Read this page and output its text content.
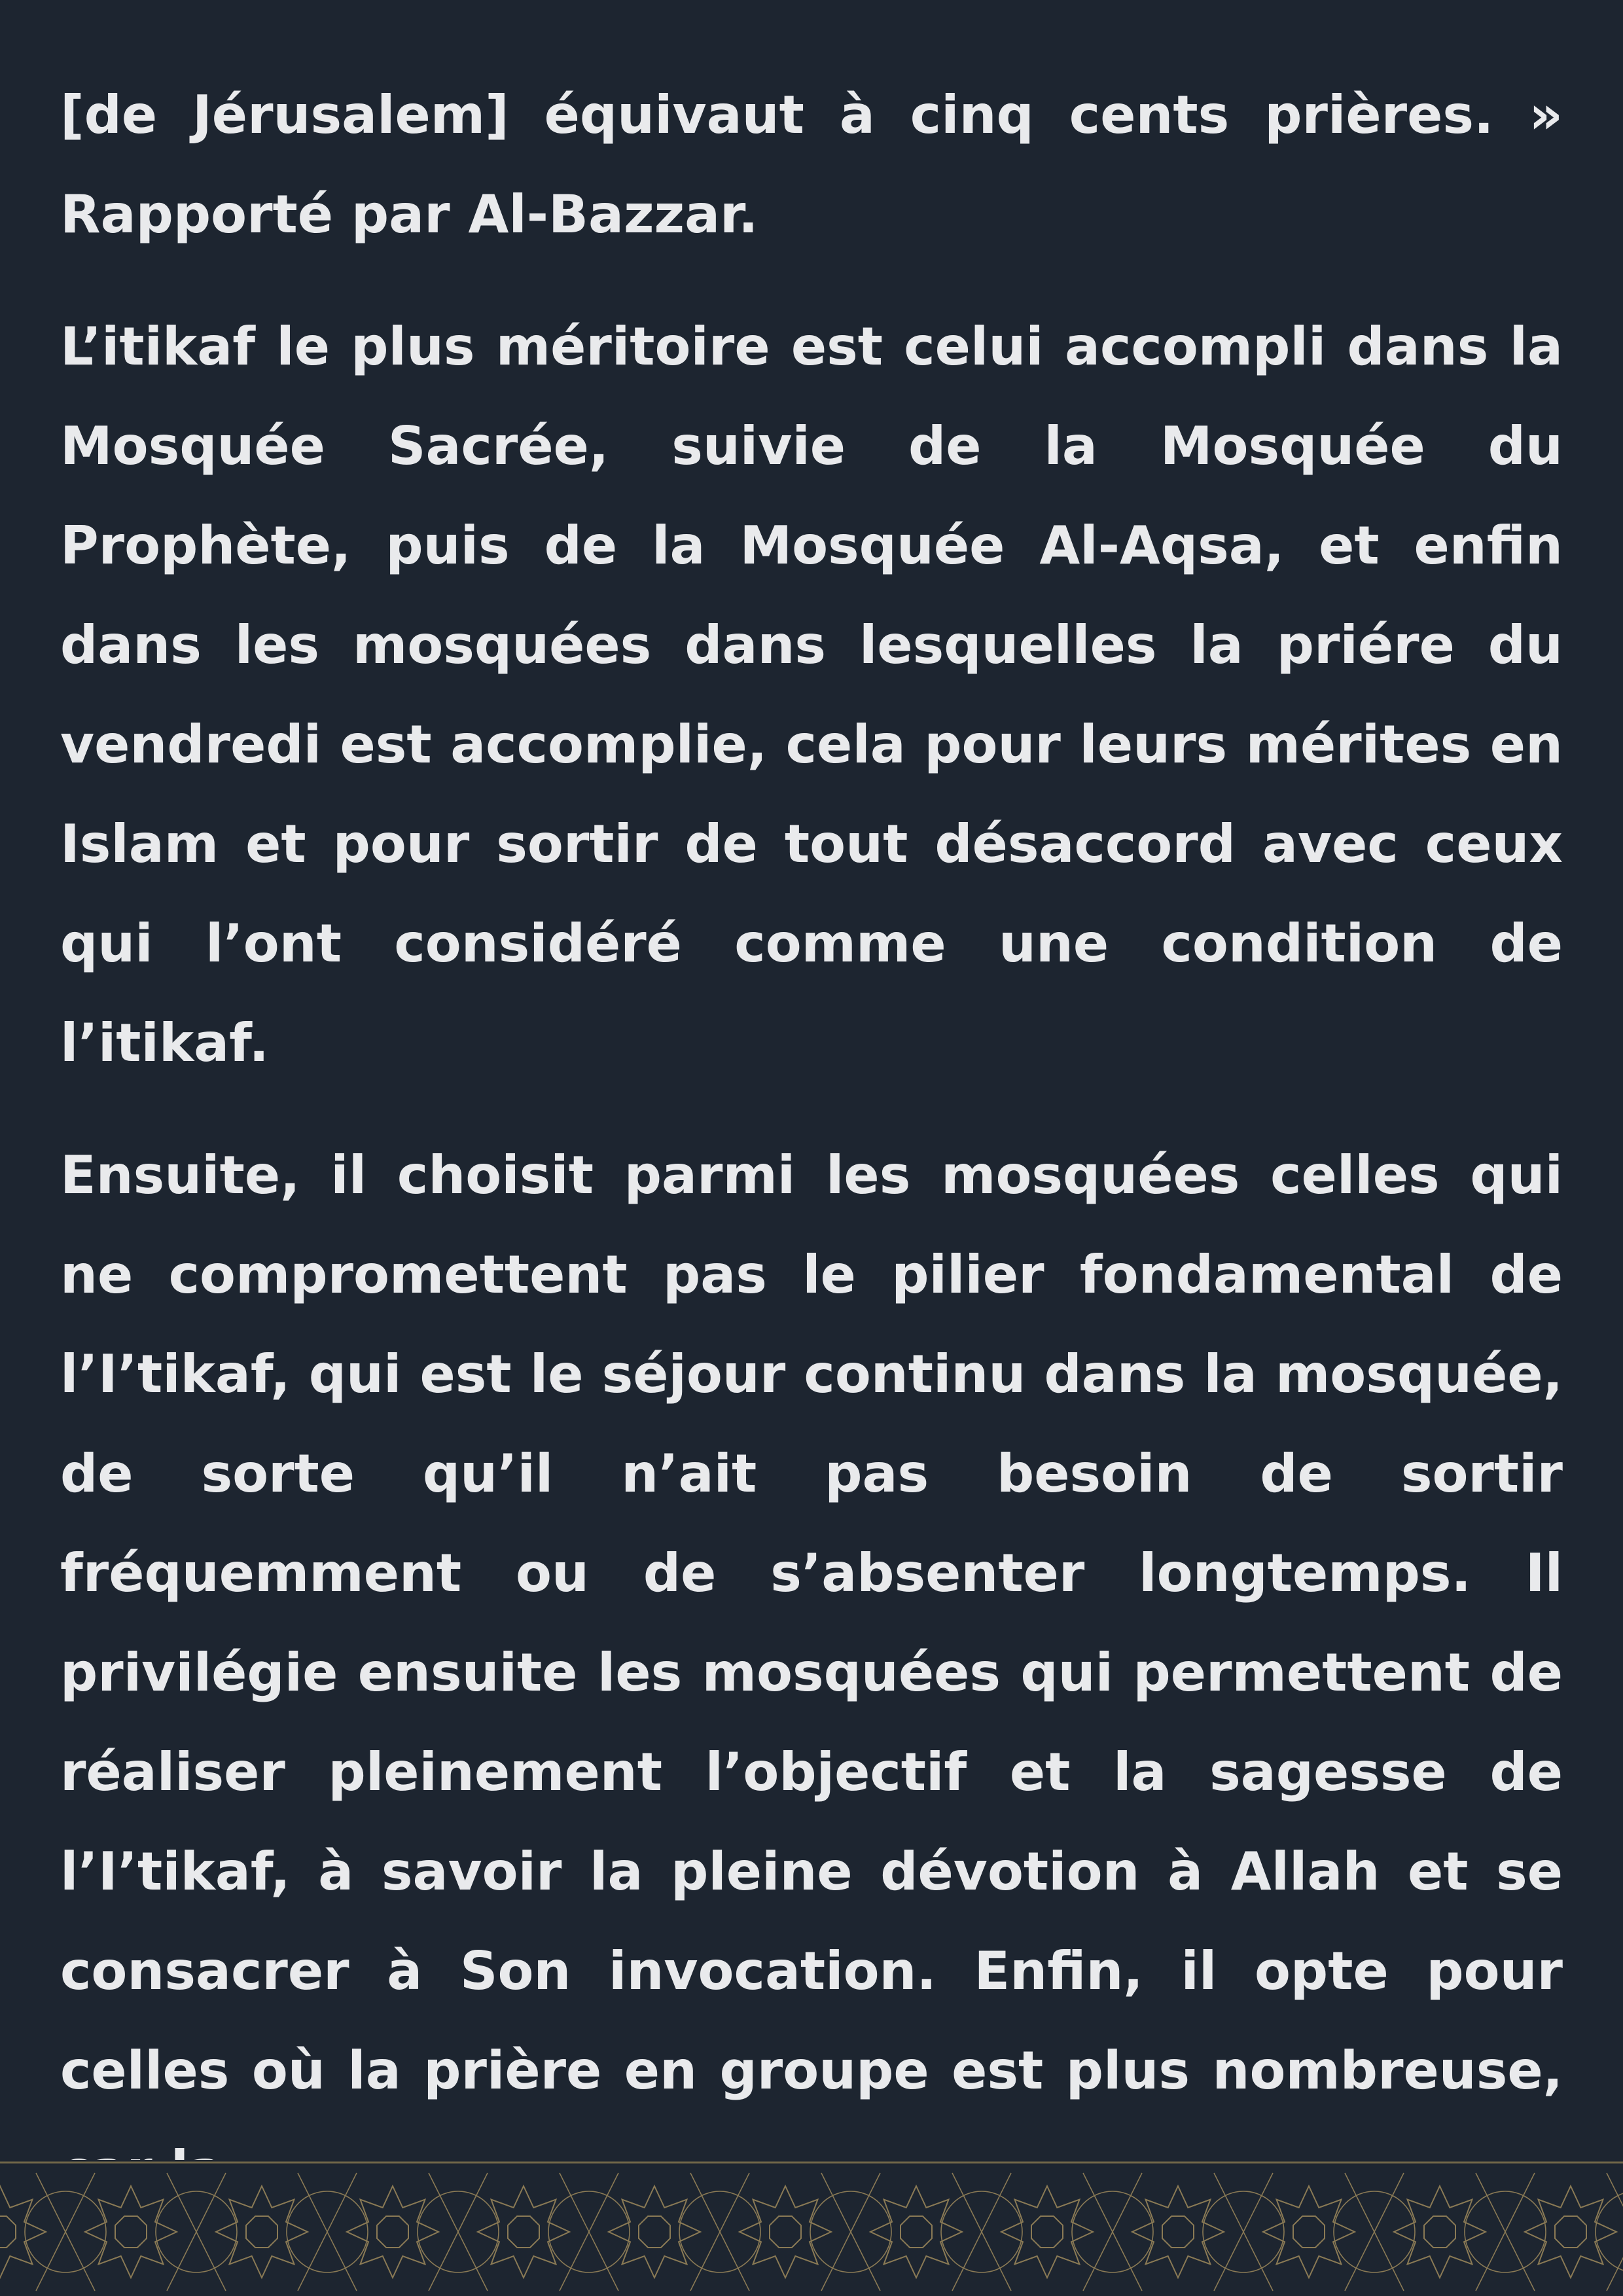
[de Jérusalem] équivaut à cinq cents prières. » Rapporté par Al-Bazzar.

L’itikaf le plus méritoire est celui accompli dans la Mosquée Sacrée, suivie de la Mosquée du Prophète, puis de la Mosquée Al-Aqsa, et enfin dans les mosquées dans lesquelles la priére du vendredi est accomplie, cela pour leurs mérites en Islam et pour sortir de tout désaccord avec ceux qui l’ont considéré comme une condition de l’itikaf.

Ensuite, il choisit parmi les mosquées celles qui ne compromettent pas le pilier fondamental de l’I’tikaf, qui est le séjour continu dans la mosquée, de sorte qu’il n’ait pas besoin de sortir fréquemment ou de s’absenter longtemps. Il privilégie ensuite les mosquées qui permettent de réaliser pleinement l’objectif et la sagesse de l’I’tikaf, à savoir la pleine dévotion à Allah et se consacrer à Son invocation. Enfin, il opte pour celles où la prière en groupe est plus nombreuse,
